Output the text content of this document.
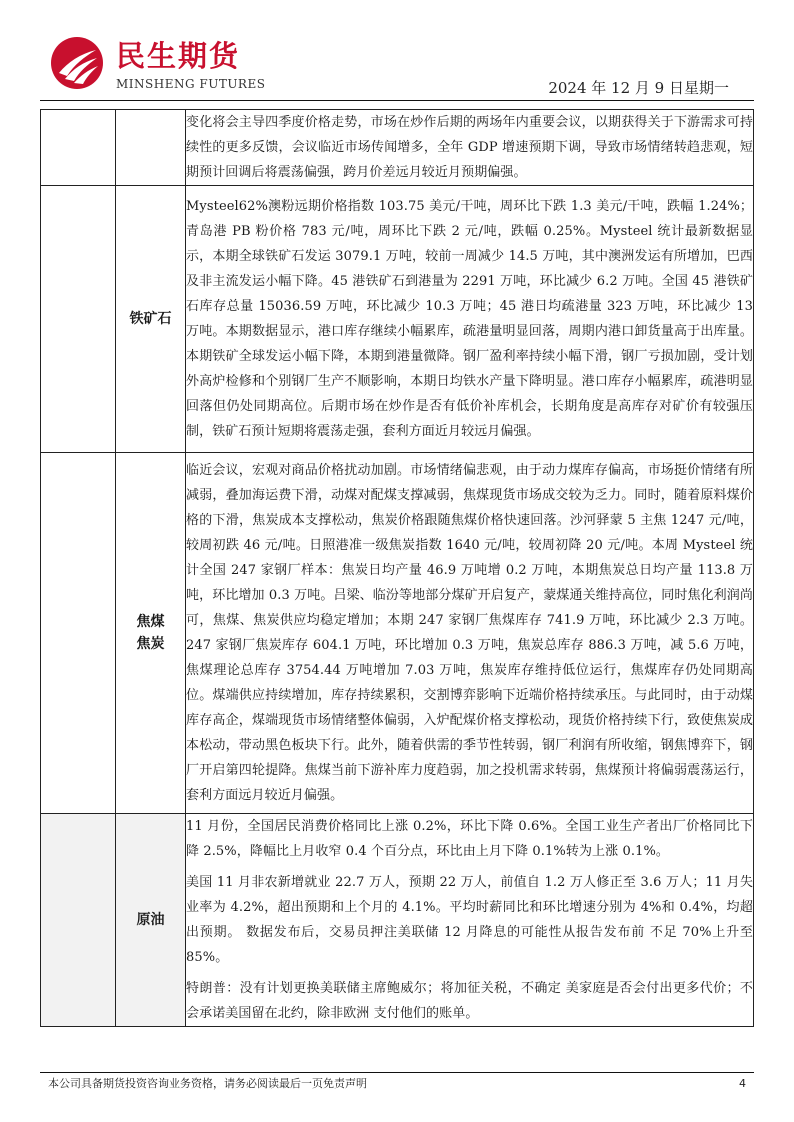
民生期货
MINSHENG FUTURES	2024 年 12 月 9 日星期一

		变化将会主导四季度价格走势，市场在炒作后期的两场年内重要会议，以期获得关于下游需求可持续性的更多反馈，会议临近市场传闻增多，全年 GDP 增速预期下调，导致市场情绪转趋悲观，短期预计回调后将震荡偏强，跨月价差远月较近月预期偏强。

	铁矿石	Mysteel62%澳粉远期价格指数 103.75 美元/干吨，周环比下跌 1.3 美元/干吨，跌幅 1.24%；青岛港 PB 粉价格 783 元/吨，周环比下跌 2 元/吨，跌幅 0.25%。Mysteel 统计最新数据显示，本期全球铁矿石发运 3079.1 万吨，较前一周减少 14.5 万吨，其中澳洲发运有所增加，巴西及非主流发运小幅下降。45 港铁矿石到港量为 2291 万吨，环比减少 6.2 万吨。全国 45 港铁矿石库存总量 15036.59 万吨，环比减少 10.3 万吨；45 港日均疏港量 323 万吨，环比减少 13 万吨。本期数据显示，港口库存继续小幅累库，疏港量明显回落，周期内港口卸货量高于出库量。本期铁矿全球发运小幅下降，本期到港量微降。钢厂盈利率持续小幅下滑，钢厂亏损加剧，受计划外高炉检修和个别钢厂生产不顺影响，本期日均铁水产量下降明显。港口库存小幅累库，疏港明显回落但仍处同期高位。后期市场在炒作是否有低价补库机会，长期角度是高库存对矿价有较强压制，铁矿石预计短期将震荡走强，套利方面近月较远月偏强。

	焦煤
焦炭	临近会议，宏观对商品价格扰动加剧。市场情绪偏悲观，由于动力煤库存偏高，市场挺价情绪有所减弱，叠加海运费下滑，动煤对配煤支撑减弱，焦煤现货市场成交较为乏力。同时，随着原料煤价格的下滑，焦炭成本支撑松动，焦炭价格跟随焦煤价格快速回落。沙河驿蒙 5 主焦 1247 元/吨，较周初跌 46 元/吨。日照港准一级焦炭指数 1640 元/吨，较周初降 20 元/吨。本周 Mysteel 统计全国 247 家钢厂样本：焦炭日均产量 46.9 万吨增 0.2 万吨，本期焦炭总日均产量 113.8 万吨，环比增加 0.3 万吨。吕梁、临汾等地部分煤矿开启复产，蒙煤通关维持高位，同时焦化利润尚可，焦煤、焦炭供应均稳定增加；本期 247 家钢厂焦煤库存 741.9 万吨，环比减少 2.3 万吨。247 家钢厂焦炭库存 604.1 万吨，环比增加 0.3 万吨，焦炭总库存 886.3 万吨，减 5.6 万吨，焦煤理论总库存 3754.44 万吨增加 7.03 万吨，焦炭库存维持低位运行，焦煤库存仍处同期高位。煤端供应持续增加，库存持续累积，交割博弈影响下近端价格持续承压。与此同时，由于动煤库存高企，煤端现货市场情绪整体偏弱，入炉配煤价格支撑松动，现货价格持续下行，致使焦炭成本松动，带动黑色板块下行。此外，随着供需的季节性转弱，钢厂利润有所收缩，钢焦博弈下，钢厂开启第四轮提降。焦煤当前下游补库力度趋弱，加之投机需求转弱，焦煤预计将偏弱震荡运行，套利方面远月较近月偏强。

	原油	11 月份，全国居民消费价格同比上涨 0.2%，环比下降 0.6%。全国工业生产者出厂价格同比下降 2.5%，降幅比上月收窄 0.4 个百分点，环比由上月下降 0.1%转为上涨 0.1%。

美国 11 月非农新增就业 22.7 万人，预期 22 万人，前值自 1.2 万人修正至 3.6 万人；11 月失业率为 4.2%，超出预期和上个月的 4.1%。平均时薪同比和环比增速分别为 4%和 0.4%，均超出预期。 数据发布后，交易员押注美联储 12 月降息的可能性从报告发布前 不足 70%上升至 85%。

特朗普：没有计划更换美联储主席鲍威尔；将加征关税，不确定 美家庭是否会付出更多代价；不会承诺美国留在北约，除非欧洲 支付他们的账单。

本公司具备期货投资咨询业务资格，请务必阅读最后一页免责声明	4
